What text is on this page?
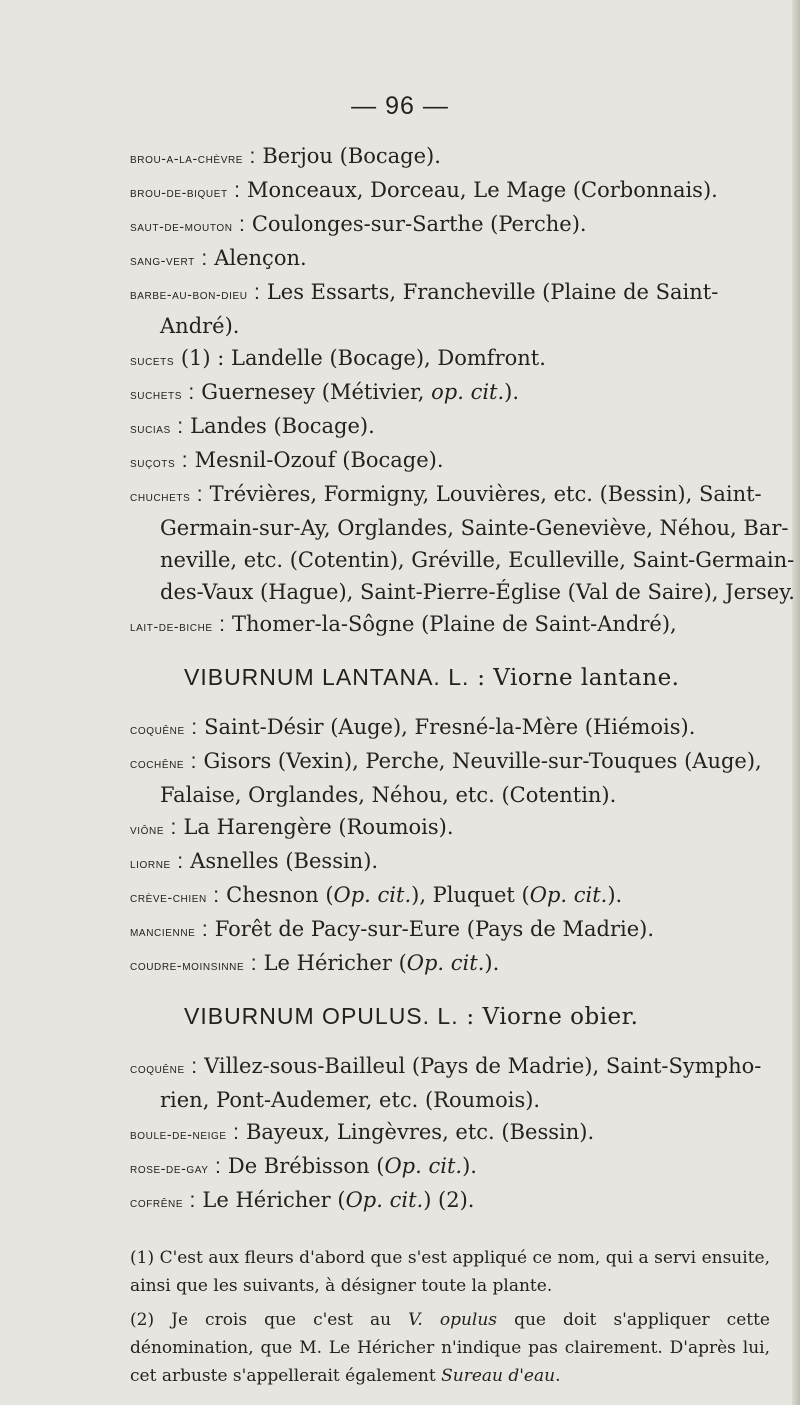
— 96 —
brou-a-la-chèvre : Berjou (Bocage).
brou-de-biquet : Monceaux, Dorceau, Le Mage (Corbonnais).
saut-de-mouton : Coulonges-sur-Sarthe (Perche).
sang-vert : Alençon.
barbe-au-bon-dieu : Les Essarts, Francheville (Plaine de Saint-
André).
sucets (1) : Landelle (Bocage), Domfront.
suchets : Guernesey (Métivier, op. cit.).
sucias : Landes (Bocage).
suçots : Mesnil-Ozouf (Bocage).
chuchets : Trévières, Formigny, Louvières, etc. (Bessin), Saint-
Germain-sur-Ay, Orglandes, Sainte-Geneviève, Néhou, Bar-
neville, etc. (Cotentin), Gréville, Eculleville, Saint-Germain-
des-Vaux (Hague), Saint-Pierre-Église (Val de Saire), Jersey.
lait-de-biche : Thomer-la-Sôgne (Plaine de Saint-André),
VIBURNUM LANTANA. L. : Viorne lantane.
coquêne : Saint-Désir (Auge), Fresné-la-Mère (Hiémois).
cochêne : Gisors (Vexin), Perche, Neuville-sur-Touques (Auge),
Falaise, Orglandes, Néhou, etc. (Cotentin).
viône : La Harengère (Roumois).
liorne : Asnelles (Bessin).
crève-chien : Chesnon (Op. cit.), Pluquet (Op. cit.).
mancienne : Forêt de Pacy-sur-Eure (Pays de Madrie).
coudre-moinsinne : Le Héricher (Op. cit.).
VIBURNUM OPULUS. L. : Viorne obier.
coquêne : Villez-sous-Bailleul (Pays de Madrie), Saint-Sympho-
rien, Pont-Audemer, etc. (Roumois).
boule-de-neige : Bayeux, Lingèvres, etc. (Bessin).
rose-de-gay : De Brébisson (Op. cit.).
cofrêne : Le Héricher (Op. cit.) (2).

(1) C'est aux fleurs d'abord que s'est appliqué ce nom, qui a servi ensuite, ainsi que les suivants, à désigner toute la plante.

(2) Je crois que c'est au V. opulus que doit s'appliquer cette dénomination, que M. Le Héricher n'indique pas clairement. D'après lui, cet arbuste s'appellerait également Sureau d'eau.
